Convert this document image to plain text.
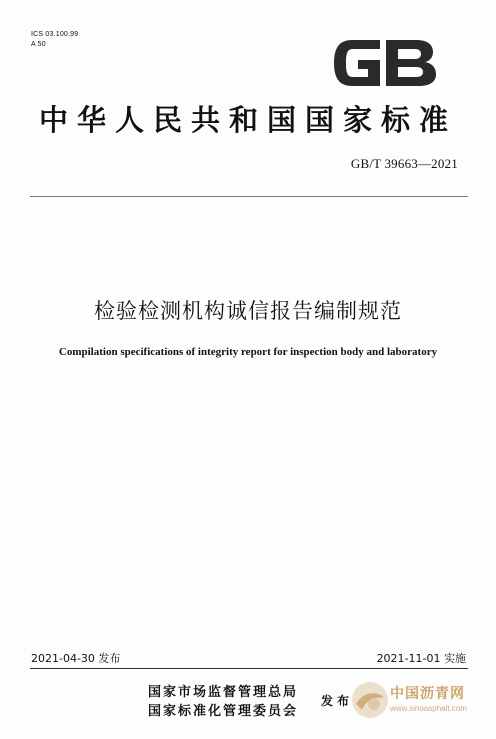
ICS 03.100.99
A 50
中华人民共和国国家标准
GB/T 39663—2021
检验检测机构诚信报告编制规范
Compilation specifications of integrity report for inspection body and laboratory
2021-04-30 发布	2021-11-01 实施
国家市场监督管理总局
国家标准化管理委员会
发布	中国沥青网
www.sinoasphalt.com
